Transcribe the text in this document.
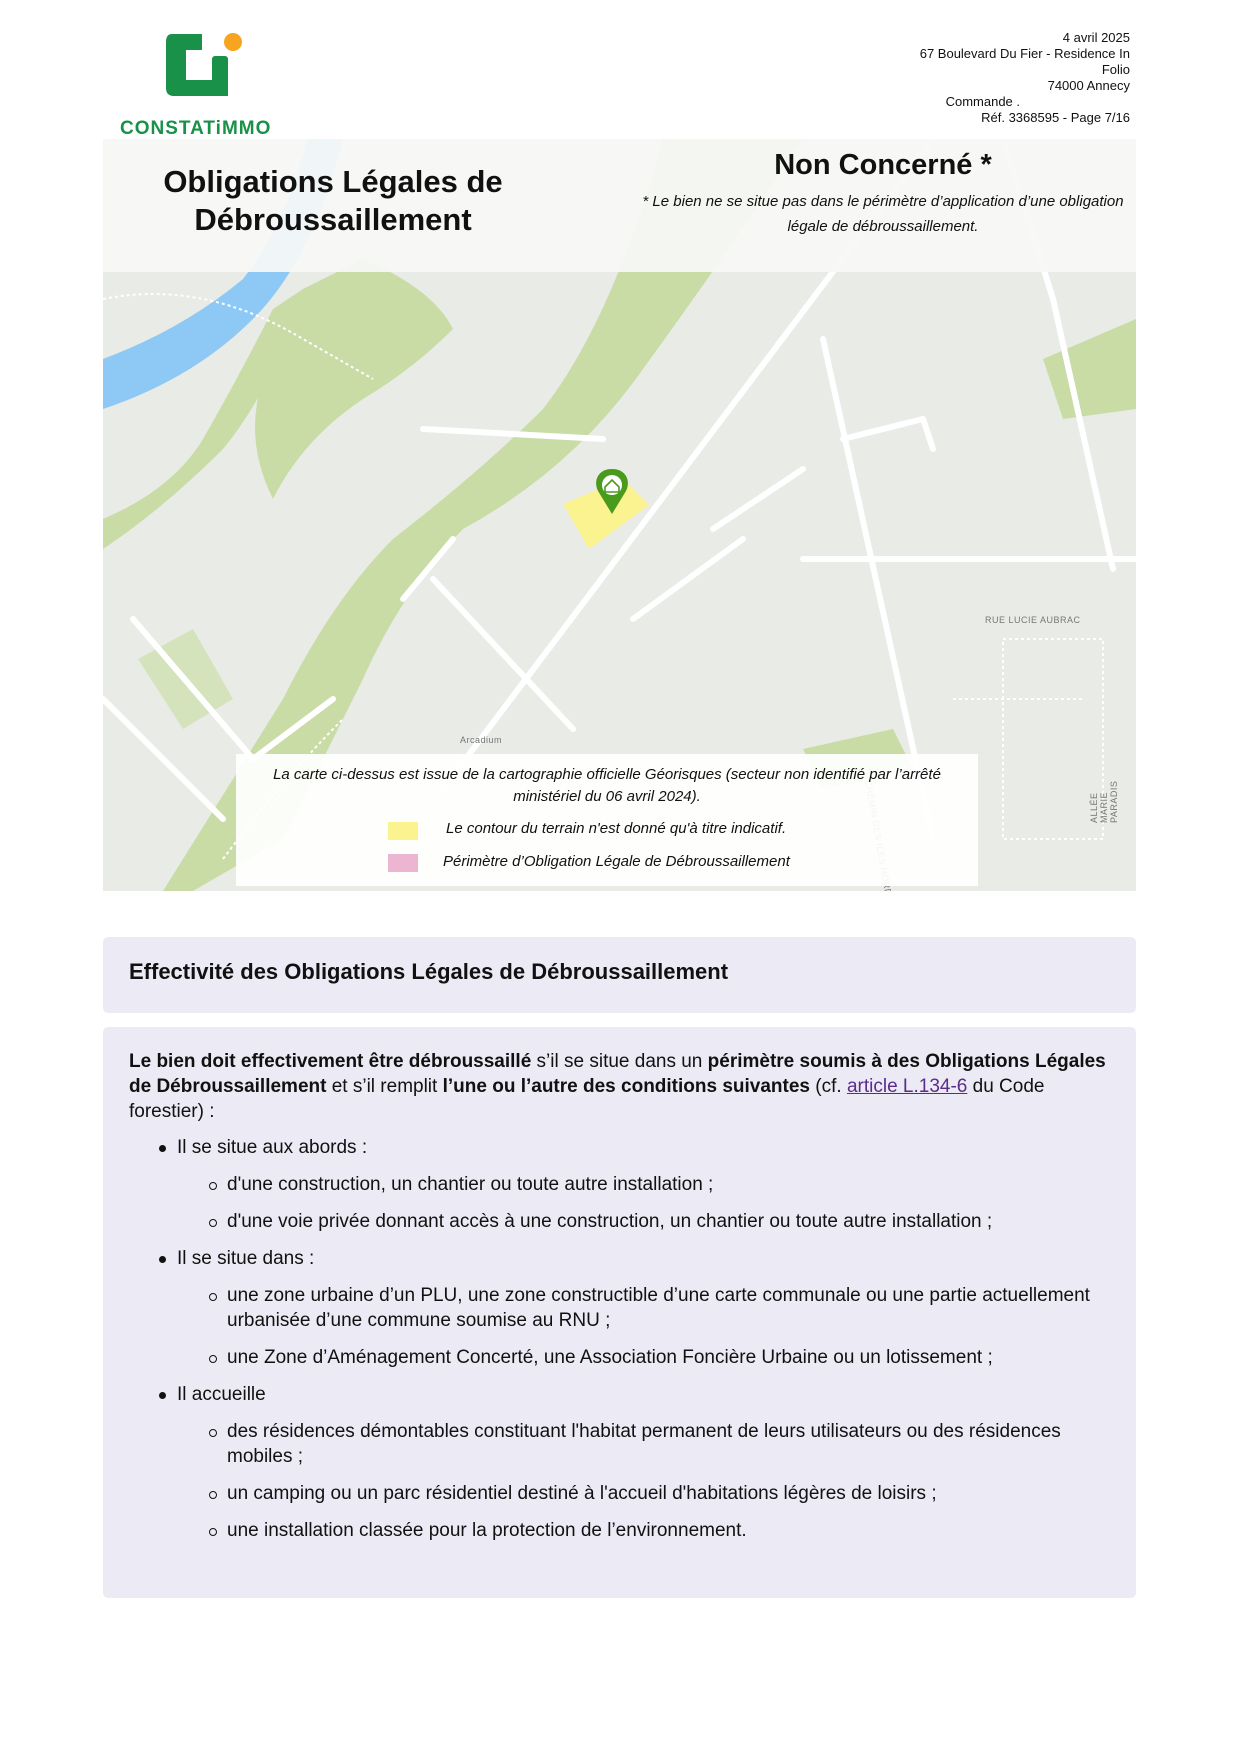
CONSTATiMMO
4 avril 2025
67 Boulevard Du Fier - Residence In
Folio
74000 Annecy
Commande .
Réf. 3368595 - Page 7/16
RUE LUCIE AUBRAC
Arcadium
ALLÉE MARIE PARADIS
Obligations Légales de
Débroussaillement
Non Concerné *
* Le bien ne se situe pas dans le périmètre d’application d’une obligation légale de débroussaillement.
La carte ci-dessus est issue de la cartographie officielle Géorisques (secteur non identifié par l’arrêté ministériel du 06 avril 2024).
Le contour du terrain n'est donné qu'à titre indicatif.
Périmètre d’Obligation Légale de Débroussaillement
Effectivité des Obligations Légales de Débroussaillement
Le bien doit effectivement être débroussaillé s’il se situe dans un périmètre soumis à des Obligations Légales de Débroussaillement et s’il remplit l’une ou l’autre des conditions suivantes (cf. article L.134-6 du Code forestier) :
Il se situe aux abords :
d'une construction, un chantier ou toute autre installation ;
d'une voie privée donnant accès à une construction, un chantier ou toute autre installation ;
Il se situe dans :
une zone urbaine d’un PLU, une zone constructible d’une carte communale ou une partie actuellement urbanisée d’une commune soumise au RNU ;
une Zone d’Aménagement Concerté, une Association Foncière Urbaine ou un lotissement ;
Il accueille
des résidences démontables constituant l'habitat permanent de leurs utilisateurs ou des résidences mobiles ;
un camping ou un parc résidentiel destiné à l'accueil d'habitations légères de loisirs ;
une installation classée pour la protection de l’environnement.
